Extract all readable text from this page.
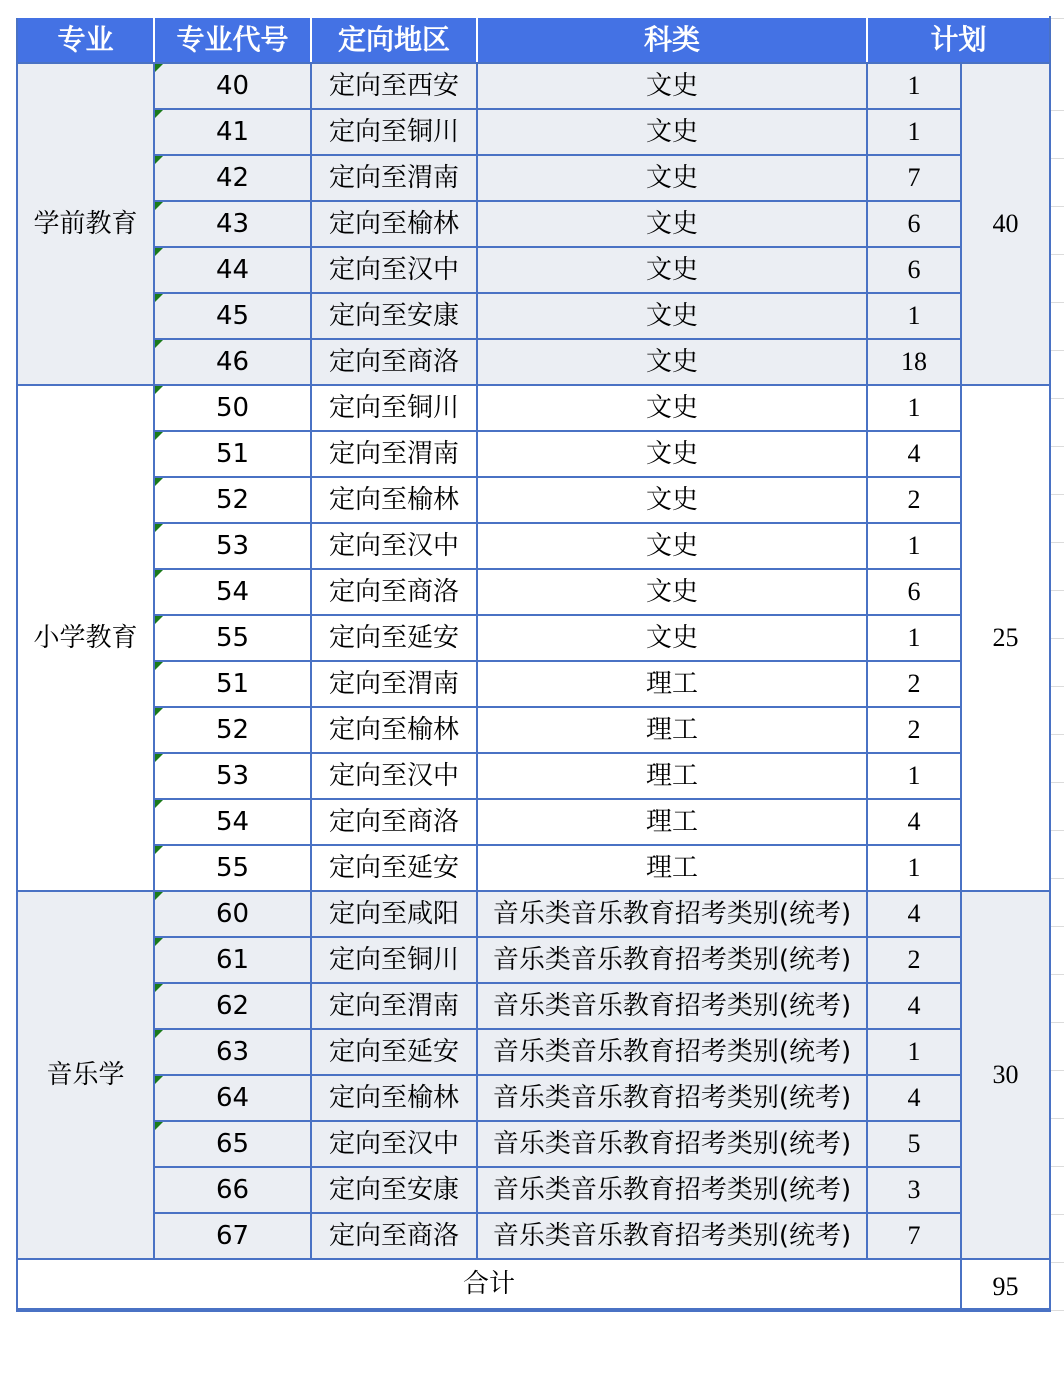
专业	专业代号	定向地区	科类	计划	
学前教育	40	定向至西安	文史	1	40

41	定向至铜川	文史	1	

42	定向至渭南	文史	7	

43	定向至榆林	文史	6	

44	定向至汉中	文史	6	

45	定向至安康	文史	1	

46	定向至商洛	文史	18	
小学教育	50	定向至铜川	文史	1	25

51	定向至渭南	文史	4	

52	定向至榆林	文史	2	

53	定向至汉中	文史	1	

54	定向至商洛	文史	6	

55	定向至延安	文史	1	

51	定向至渭南	理工	2	

52	定向至榆林	理工	2	

53	定向至汉中	理工	1	

54	定向至商洛	理工	4	

55	定向至延安	理工	1	
音乐学	60	定向至咸阳	音乐类音乐教育招考类别(统考)	4	30

61	定向至铜川	音乐类音乐教育招考类别(统考)	2	

62	定向至渭南	音乐类音乐教育招考类别(统考)	4	

63	定向至延安	音乐类音乐教育招考类别(统考)	1	

64	定向至榆林	音乐类音乐教育招考类别(统考)	4	

65	定向至汉中	音乐类音乐教育招考类别(统考)	5	
	66	定向至安康	音乐类音乐教育招考类别(统考)	3	
	67	定向至商洛	音乐类音乐教育招考类别(统考)	7	
合计					95
